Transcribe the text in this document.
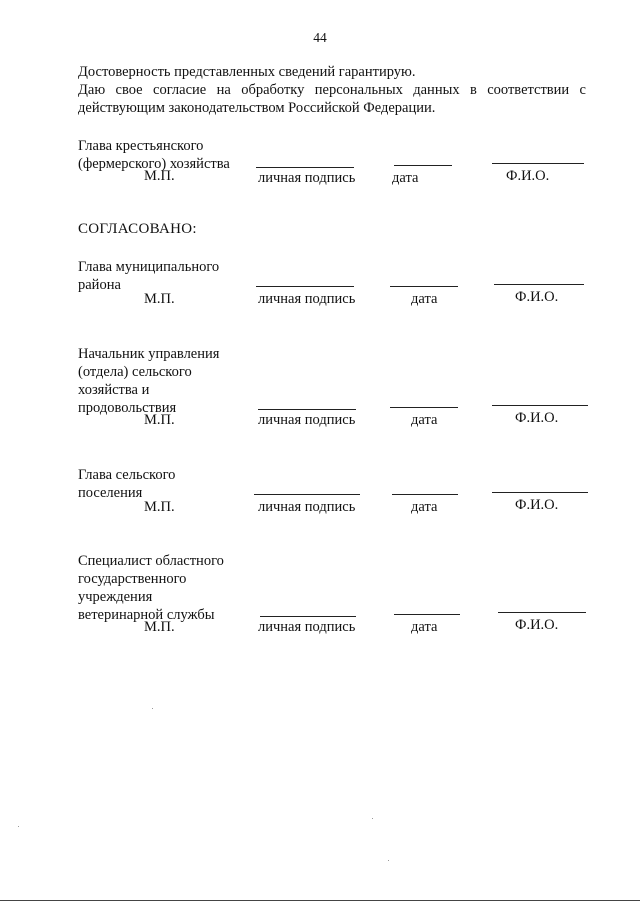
44
Достоверность представленных сведений гарантирую.
Даю свое согласие на обработку персональных данных в соответствии с действующим законодательством Российской Федерации.
Глава крестьянского
(фермерского) хозяйства
М.П.	личная подпись	дата	Ф.И.О.
СОГЛАСОВАНО:
Глава муниципального
района
М.П.	личная подпись	дата	Ф.И.О.
Начальник управления
(отдела) сельского
хозяйства и
продовольствия
М.П.	личная подпись	дата	Ф.И.О.
Глава сельского
поселения
М.П.	личная подпись	дата	Ф.И.О.
Специалист областного
государственного
учреждения
ветеринарной службы
М.П.	личная подпись	дата	Ф.И.О.
